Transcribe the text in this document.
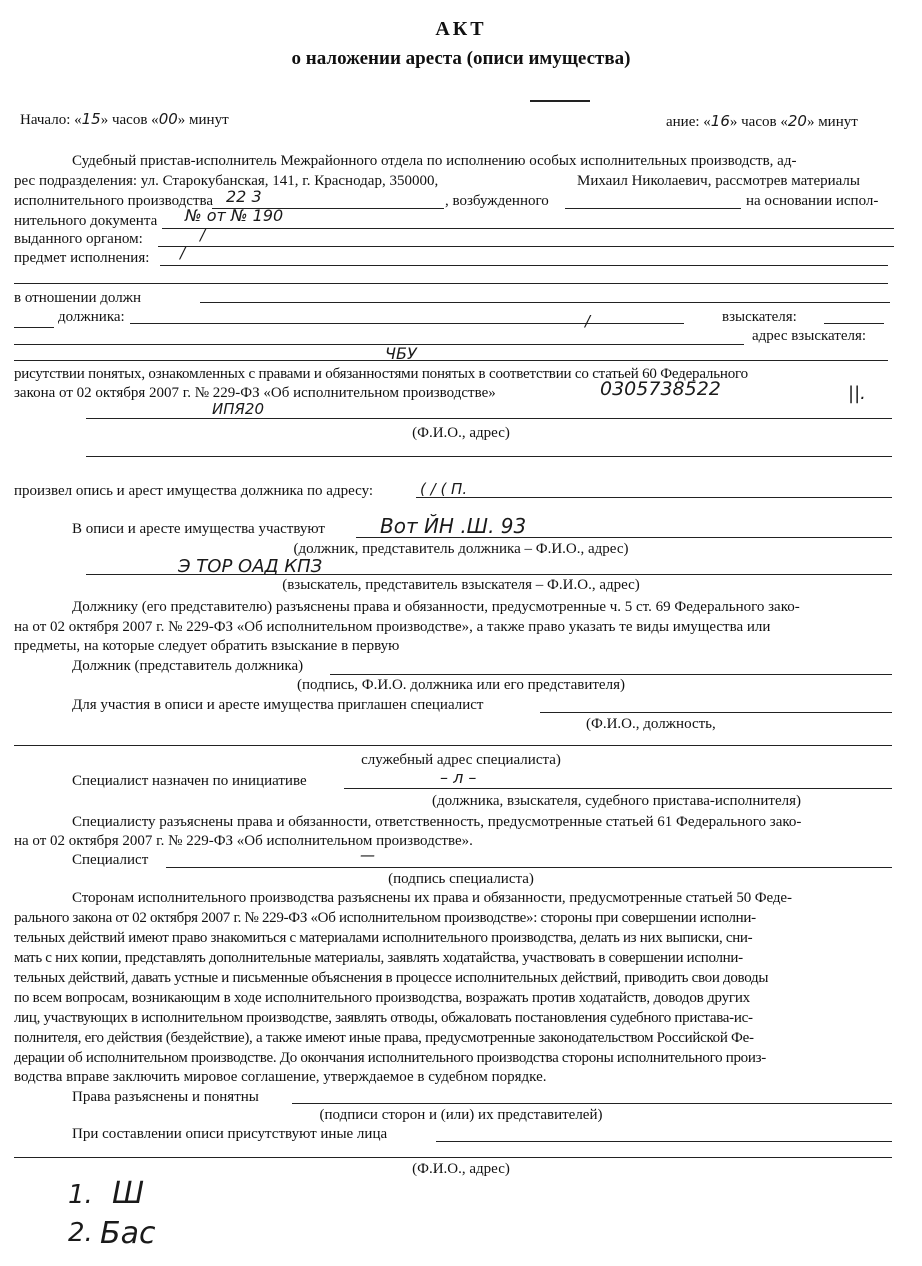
АКТ
о наложении ареста (описи имущества)
Начало: «15» часов «00» минут	ание: «16» часов «20» минут
Судебный пристав-исполнитель Межрайонного отдела по исполнению особых исполнительных производств, ад-
рес подразделения: ул. Старокубанская, 141, г. Краснодар, 350000,	Михаил Николаевич, рассмотрев материалы
исполнительного производства 22 3	, возбужденного	на основании испол-
нительного документа № от № 190
выданного органом:	/
предмет исполнения: /
в отношении должн
должника:	/	взыскателя:
адрес взыскателя:
ЧБУ
рисутствии понятых, ознакомленных с правами и обязанностями понятых в соответствии со статьей 60 Федерального
закона от 02 октября 2007 г. № 229-ФЗ «Об исполнительном производстве»	0305738522	||.
ИПЯ20
(Ф.И.О., адрес)
произвел опись и арест имущества должника по адресу:	( / ( П.
В описи и аресте имущества участвуют	Вот ЙН .Ш. 93
(должник, представитель должника – Ф.И.О., адрес)
Э ТОР ОАД КПЗ
(взыскатель, представитель взыскателя – Ф.И.О., адрес)
Должнику (его представителю) разъяснены права и обязанности, предусмотренные ч. 5 ст. 69 Федерального зако-
на от 02 октября 2007 г. № 229-ФЗ «Об исполнительном производстве», а также право указать те виды имущества или
предметы, на которые следует обратить взыскание в первую
Должник (представитель должника)
(подпись, Ф.И.О. должника или его представителя)
Для участия в описи и аресте имущества приглашен специалист
(Ф.И.О., должность,
служебный адрес специалиста)
Специалист назначен по инициативе	– л –
(должника, взыскателя, судебного пристава-исполнителя)
Специалисту разъяснены права и обязанности, ответственность, предусмотренные статьей 61 Федерального зако-
на от 02 октября 2007 г. № 229-ФЗ «Об исполнительном производстве».
Специалист	—
(подпись специалиста)
Сторонам исполнительного производства разъяснены их права и обязанности, предусмотренные статьей 50 Феде-
рального закона от 02 октября 2007 г. № 229-ФЗ «Об исполнительном производстве»: стороны при совершении исполни-
тельных действий имеют право знакомиться с материалами исполнительного производства, делать из них выписки, сни-
мать с них копии, представлять дополнительные материалы, заявлять ходатайства, участвовать в совершении исполни-
тельных действий, давать устные и письменные объяснения в процессе исполнительных действий, приводить свои доводы
по всем вопросам, возникающим в ходе исполнительного производства, возражать против ходатайств, доводов других
лиц, участвующих в исполнительном производстве, заявлять отводы, обжаловать постановления судебного пристава-ис-
полнителя, его действия (бездействие), а также имеют иные права, предусмотренные законодательством Российской Фе-
дерации об исполнительном производстве. До окончания исполнительного производства стороны исполнительного произ-
водства вправе заключить мировое соглашение, утверждаемое в судебном порядке.
Права разъяснены и понятны
(подписи сторон и (или) их представителей)
При составлении описи присутствуют иные лица
(Ф.И.О., адрес)
1. Ш
2. Бас
